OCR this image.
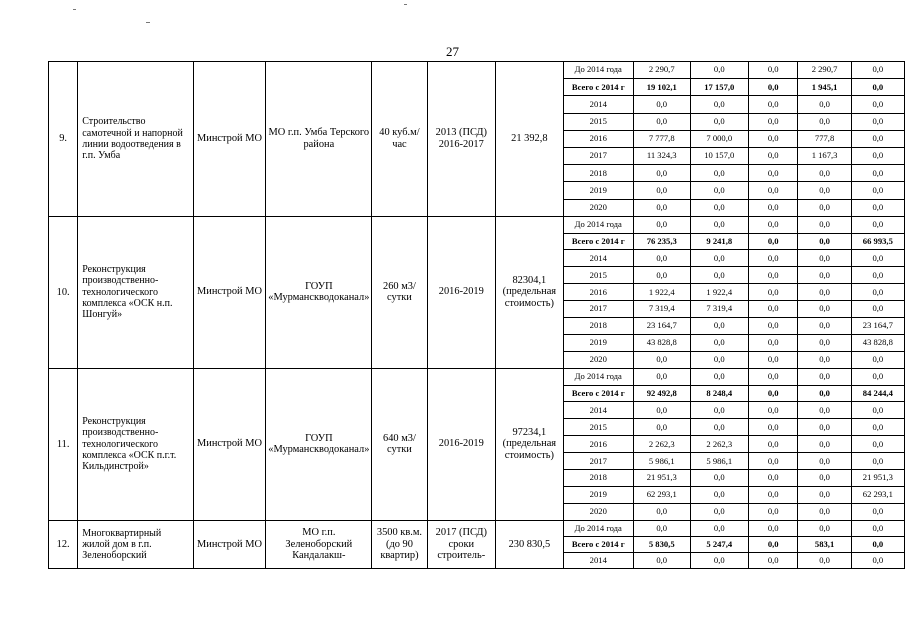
27
9.	Строительство самотечной и напорной линии водоотведения в г.п. Умба	Минстрой МО	МО г.п. Умба Терского района	40 куб.м/час	2013 (ПСД) 2016-2017	21 392,8	До 2014 года	2 290,7	0,0	0,0	2 290,7	0,0
							Всего с 2014 г	19 102,1	17 157,0	0,0	1 945,1	0,0
							2014	0,0	0,0	0,0	0,0	0,0
							2015	0,0	0,0	0,0	0,0	0,0
							2016	7 777,8	7 000,0	0,0	777,8	0,0
							2017	11 324,3	10 157,0	0,0	1 167,3	0,0
							2018	0,0	0,0	0,0	0,0	0,0
							2019	0,0	0,0	0,0	0,0	0,0
							2020	0,0	0,0	0,0	0,0	0,0
10.	Реконструкция производственно-технологического комплекса «ОСК н.п. Шонгуй»	Минстрой МО	ГОУП «Мурманскводоканал»	260 м3/сутки	2016-2019	82304,1 (предельная стоимость)	До 2014 года	0,0	0,0	0,0	0,0	0,0
							Всего с 2014 г	76 235,3	9 241,8	0,0	0,0	66 993,5
							2014	0,0	0,0	0,0	0,0	0,0
							2015	0,0	0,0	0,0	0,0	0,0
							2016	1 922,4	1 922,4	0,0	0,0	0,0
							2017	7 319,4	7 319,4	0,0	0,0	0,0
							2018	23 164,7	0,0	0,0	0,0	23 164,7
							2019	43 828,8	0,0	0,0	0,0	43 828,8
							2020	0,0	0,0	0,0	0,0	0,0
11.	Реконструкция производственно-технологического комплекса «ОСК п.г.т. Кильдинстрой»	Минстрой МО	ГОУП «Мурманскводоканал»	640 м3/сутки	2016-2019	97234,1 (предельная стоимость)	До 2014 года	0,0	0,0	0,0	0,0	0,0
							Всего с 2014 г	92 492,8	8 248,4	0,0	0,0	84 244,4
							2014	0,0	0,0	0,0	0,0	0,0
							2015	0,0	0,0	0,0	0,0	0,0
							2016	2 262,3	2 262,3	0,0	0,0	0,0
							2017	5 986,1	5 986,1	0,0	0,0	0,0
							2018	21 951,3	0,0	0,0	0,0	21 951,3
							2019	62 293,1	0,0	0,0	0,0	62 293,1
							2020	0,0	0,0	0,0	0,0	0,0
12.	Многоквартирный жилой дом в г.п. Зеленоборский	Минстрой МО	МО г.п. Зеленоборский Кандалакш-	3500 кв.м. (до 90 квартир)	2017 (ПСД) сроки строитель-	230 830,5	До 2014 года	0,0	0,0	0,0	0,0	0,0
							Всего с 2014 г	5 830,5	5 247,4	0,0	583,1	0,0
							2014	0,0	0,0	0,0	0,0	0,0
